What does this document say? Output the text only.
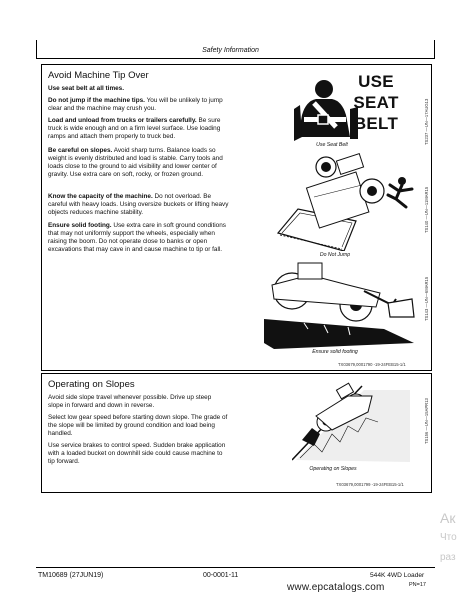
Safety Information
Avoid Machine Tip Over
Use seat belt at all times.
Do not jump if the machine tips. You will be unlikely to jump clear and the machine may crush you.
Load and unload from trucks or trailers carefully. Be sure truck is wide enough and on a firm level surface. Use loading ramps and attach them properly to truck bed.
Be careful on slopes. Avoid sharp turns. Balance loads so weight is evenly distributed and load is stable. Carry tools and loads close to the ground to aid visibility and lower center of gravity. Use extra care on soft, rocky, or frozen ground.
Know the capacity of the machine. Do not overload. Be careful with heavy loads. Using oversize buckets or lifting heavy objects reduces machine stability.
Ensure solid footing. Use extra care in soft ground conditions that may not uniformly support the wheels, especially when raising the boom. Do not operate close to banks or open excavations that may cave in and cause machine to tip or fall.
USE
SEAT
BELT
Use Seat Belt	TS237 —UN—17AUG13
TS140 —UN—11MAR15
Do Not Jump
Ensure solid footing
TS143 —UN—6MAR15
TX03679,0001790 -19-24FEB15-1/1
Operating on Slopes
Avoid side slope travel whenever possible. Drive up steep slope in forward and down in reverse.
Select low gear speed before starting down slope. The grade of the slope will be limited by ground condition and load being handled.
Use service brakes to control speed. Sudden brake application with a loaded bucket on downhill side could cause machine to tip forward.
Operating on Slopes
TS156 —UN—15APR13
TX03679,0001799 -19-24FEB15-1/1
TM10689 (27JUN19)	00-0001-11	544K 4WD Loader
PN=17
www.epcatalogs.com
Ак
Что
раз
